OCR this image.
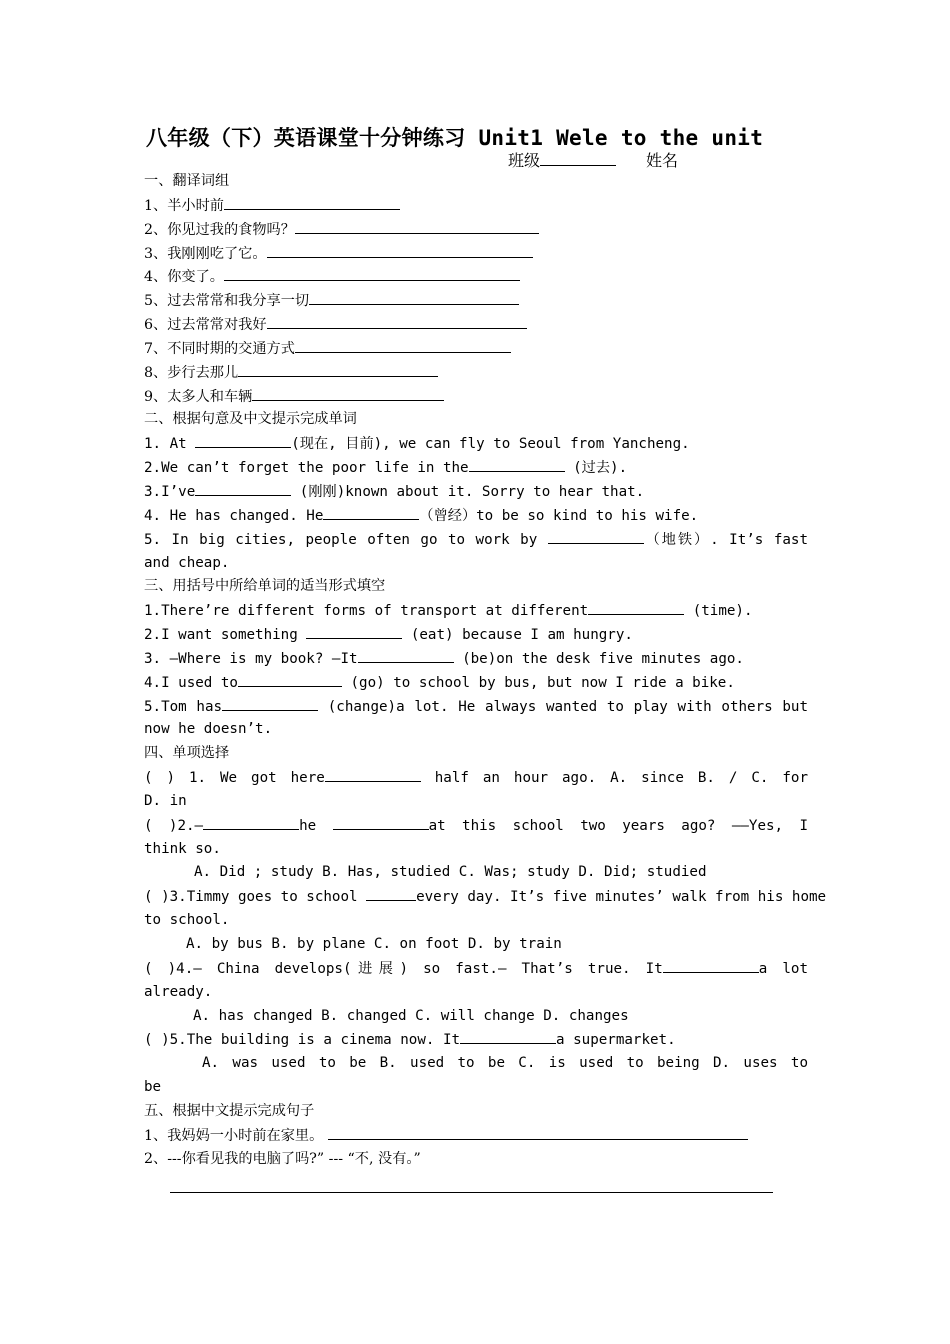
八年级（下）英语课堂十分钟练习 Unit1 Wele to the unit
班级	姓名
一、翻译词组
1、半小时前
2、你见过我的食物吗？
3、我刚刚吃了它。
4、你变了。
5、过去常常和我分享一切
6、过去常常对我好
7、不同时期的交通方式
8、步行去那儿
9、太多人和车辆
二、根据句意及中文提示完成单词
1. At	(现在, 目前), we can fly to Seoul from Yancheng.
2.We can’t forget the poor life in the	(过去).
3.I’ve	(刚刚)known about it. Sorry to hear that.
4. He has changed. He	（曾经）to be so kind to his wife.
5. In big cities, people often go to work by	（地铁）. It’s fast
and cheap.
三、用括号中所给单词的适当形式填空
1.There’re different forms of transport at different	(time).
2.I want something	(eat) because I am hungry.
3. —Where is my book? —It	(be)on the desk five minutes ago.
4.I used to	(go) to school by bus, but now I ride a bike.
5.Tom has	(change)a lot. He always wanted to play with others but
now he doesn’t.
四、单项选择
( ) 1. We got here	half an hour ago. A. since B. / C. for
D. in
( )2.—	he	at this school two years ago? ——Yes, I
think so.
A. Did ; study B. Has, studied C. Was; study D. Did; studied
( )3.Timmy goes to school	every day. It’s five minutes’ walk from his home
to school.
A. by bus B. by plane C. on foot D. by train
( )4.— China develops(进展) so fast.— That’s true. It	a lot
already.
A. has changed B. changed C. will change D. changes
( )5.The building is a cinema now. It	a supermarket.
A. was used to be B. used to be C. is used to being D. uses to
be
五、根据中文提示完成句子
1、我妈妈一小时前在家里。
2、---你看见我的电脑了吗?” --- “不, 没有。”
